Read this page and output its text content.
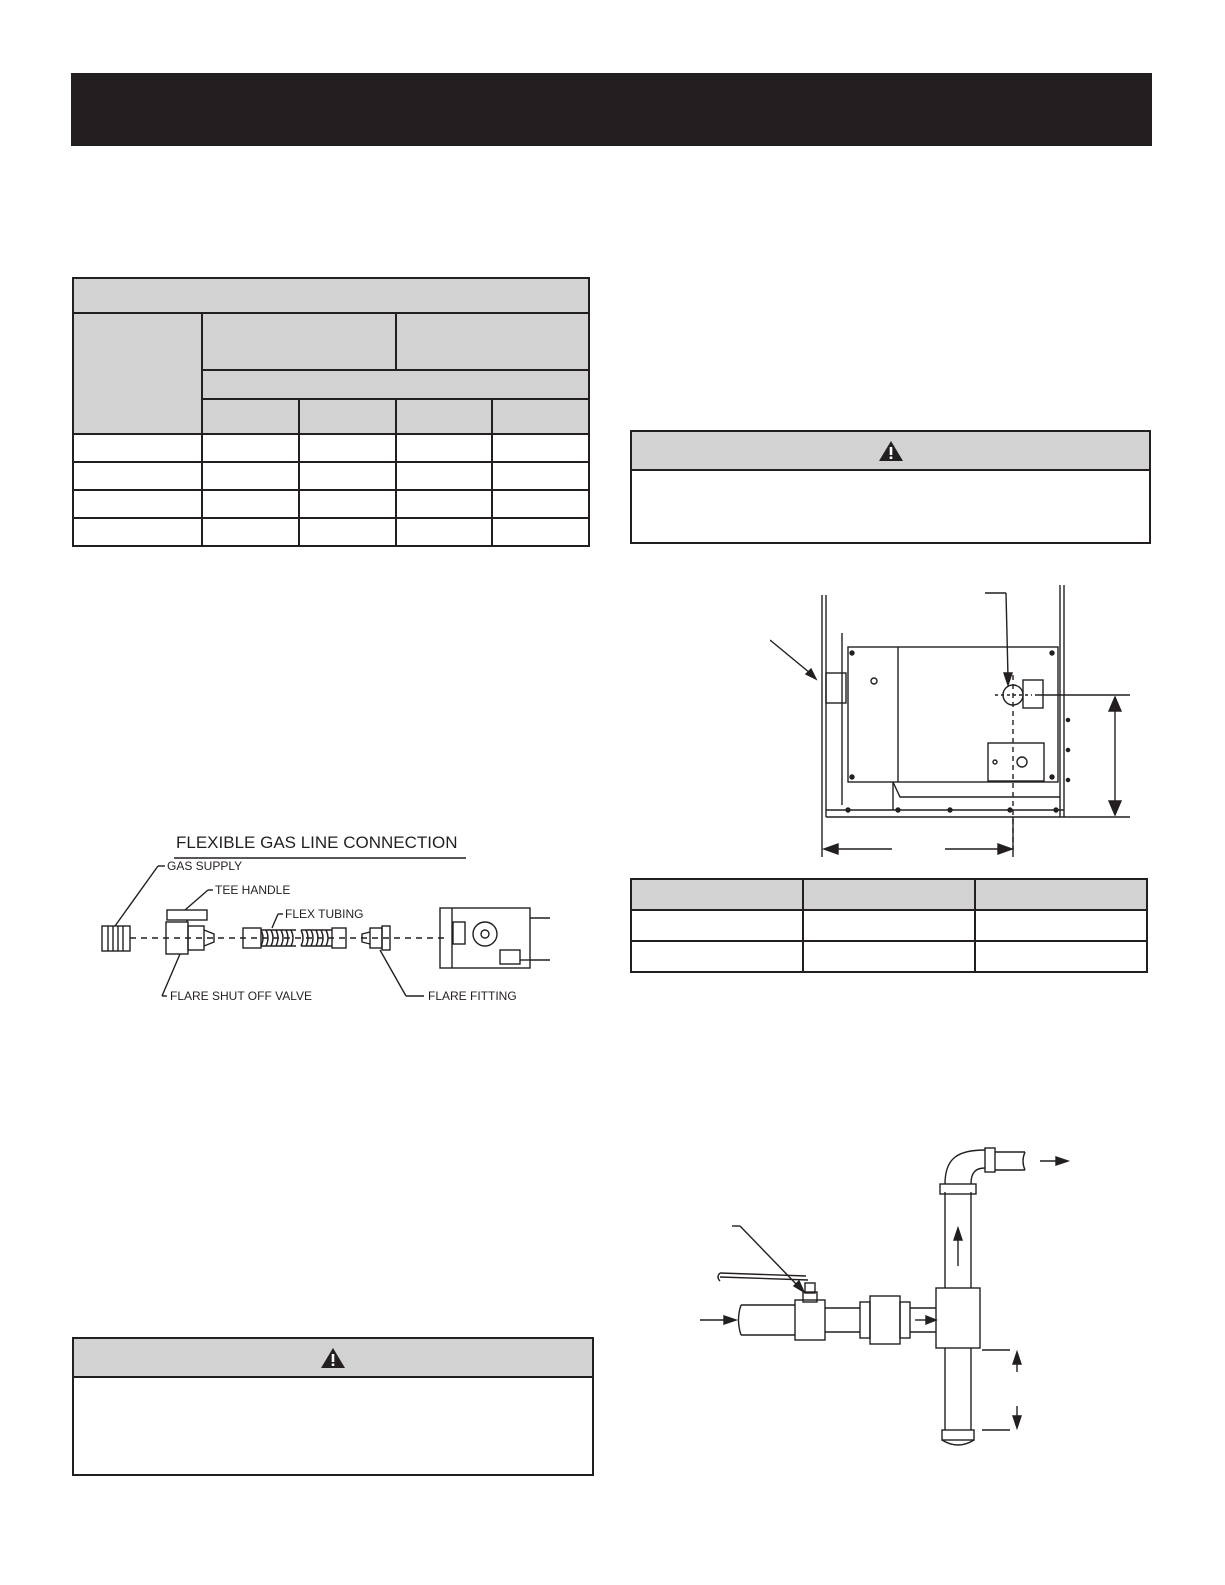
FLEXIBLE GAS LINE CONNECTION
GAS SUPPLY
TEE HANDLE
FLEX TUBING
FLARE SHUT OFF VALVE	FLARE FITTING
